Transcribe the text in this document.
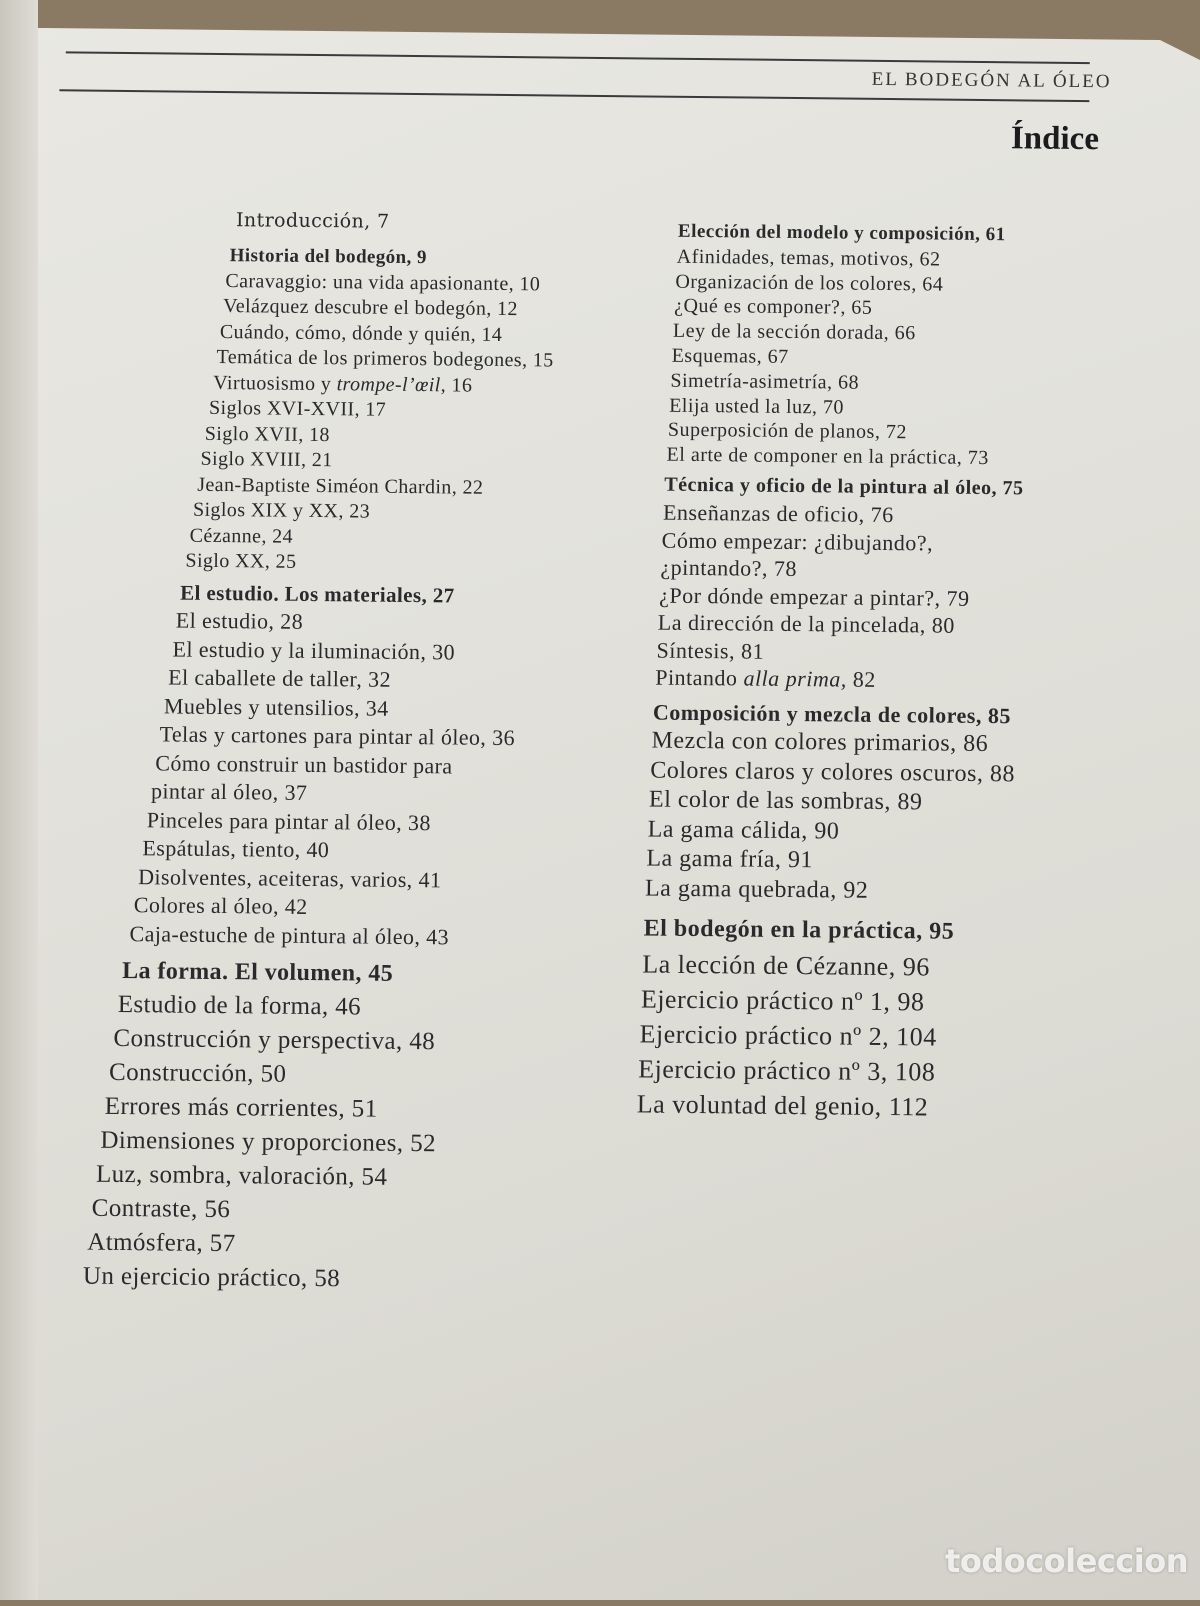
EL BODEGÓN AL ÓLEO
Índice
Introducción, 7
Historia del bodegón, 9
Caravaggio: una vida apasionante, 10
Velázquez descubre el bodegón, 12
Cuándo, cómo, dónde y quién, 14
Temática de los primeros bodegones, 15
Virtuosismo y trompe-l’œil, 16
Siglos XVI-XVII, 17
Siglo XVII, 18
Siglo XVIII, 21
Jean-Baptiste Siméon Chardin, 22
Siglos XIX y XX, 23
Cézanne, 24
Siglo XX, 25
El estudio. Los materiales, 27
El estudio, 28
El estudio y la iluminación, 30
El caballete de taller, 32
Muebles y utensilios, 34
Telas y cartones para pintar al óleo, 36
Cómo construir un bastidor para
pintar al óleo, 37
Pinceles para pintar al óleo, 38
Espátulas, tiento, 40
Disolventes, aceiteras, varios, 41
Colores al óleo, 42
Caja-estuche de pintura al óleo, 43
La forma. El volumen, 45
Estudio de la forma, 46
Construcción y perspectiva, 48
Construcción, 50
Errores más corrientes, 51
Dimensiones y proporciones, 52
Luz, sombra, valoración, 54
Contraste, 56
Atmósfera, 57
Un ejercicio práctico, 58
Elección del modelo y composición, 61
Afinidades, temas, motivos, 62
Organización de los colores, 64
¿Qué es componer?, 65
Ley de la sección dorada, 66
Esquemas, 67
Simetría-asimetría, 68
Elija usted la luz, 70
Superposición de planos, 72
El arte de componer en la práctica, 73
Técnica y oficio de la pintura al óleo, 75
Enseñanzas de oficio, 76
Cómo empezar: ¿dibujando?,
¿pintando?, 78
¿Por dónde empezar a pintar?, 79
La dirección de la pincelada, 80
Síntesis, 81
Pintando alla prima, 82
Composición y mezcla de colores, 85
Mezcla con colores primarios, 86
Colores claros y colores oscuros, 88
El color de las sombras, 89
La gama cálida, 90
La gama fría, 91
La gama quebrada, 92
El bodegón en la práctica, 95
La lección de Cézanne, 96
Ejercicio práctico nº 1, 98
Ejercicio práctico nº 2, 104
Ejercicio práctico nº 3, 108
La voluntad del genio, 112
todocoleccion
